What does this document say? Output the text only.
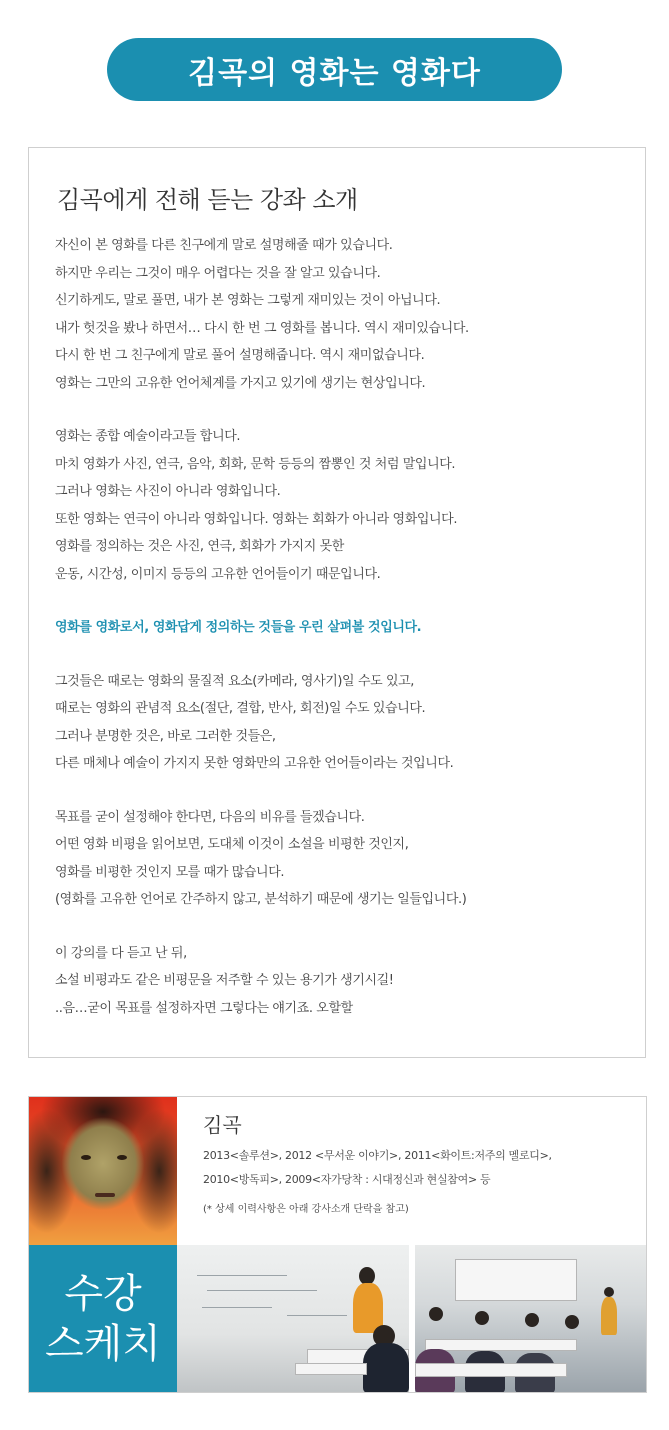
김곡의 영화는 영화다
김곡에게 전해 듣는 강좌 소개
자신이 본 영화를 다른 친구에게 말로 설명해줄 때가 있습니다.
하지만 우리는 그것이 매우 어렵다는 것을 잘 알고 있습니다.
신기하게도, 말로 풀면, 내가 본 영화는 그렇게 재미있는 것이 아닙니다.
내가 헛것을 봤나 하면서… 다시 한 번 그 영화를 봅니다. 역시 재미있습니다.
다시 한 번 그 친구에게 말로 풀어 설명해줍니다. 역시 재미없습니다.
영화는 그만의 고유한 언어체계를 가지고 있기에 생기는 현상입니다.
영화는 종합 예술이라고들 합니다.
마치 영화가 사진, 연극, 음악, 회화, 문학 등등의 짬뽕인 것 처럼 말입니다.
그러나 영화는 사진이 아니라 영화입니다.
또한 영화는 연극이 아니라 영화입니다. 영화는 회화가 아니라 영화입니다.
영화를 정의하는 것은 사진, 연극, 회화가 가지지 못한
운동, 시간성, 이미지 등등의 고유한 언어들이기 때문입니다.
영화를 영화로서, 영화답게 정의하는 것들을 우린 살펴볼 것입니다.
그것들은 때로는 영화의 물질적 요소(카메라, 영사기)일 수도 있고,
때로는 영화의 관념적 요소(절단, 결합, 반사, 회전)일 수도 있습니다.
그러나 분명한 것은, 바로 그러한 것들은,
다른 매체나 예술이 가지지 못한 영화만의 고유한 언어들이라는 것입니다.
목표를 굳이 설정해야 한다면, 다음의 비유를 들겠습니다.
어떤 영화 비평을 읽어보면, 도대체 이것이 소설을 비평한 것인지,
영화를 비평한 것인지 모를 때가 많습니다.
(영화를 고유한 언어로 간주하지 않고, 분석하기 때문에 생기는 일들입니다.)
이 강의를 다 듣고 난 뒤,
소설 비평과도 같은 비평문을 저주할 수 있는 용기가 생기시길!
..음…굳이 목표를 설정하자면 그렇다는 얘기죠. 오할할
김곡
2013<솔루션>, 2012 <무서운 이야기>, 2011<화이트:저주의 멜로디>,
2010<방독피>, 2009<자가당착 : 시대정신과 현실참여> 등
(* 상세 이력사항은 아래 강사소개 단락을 참고)
수강
스케치
